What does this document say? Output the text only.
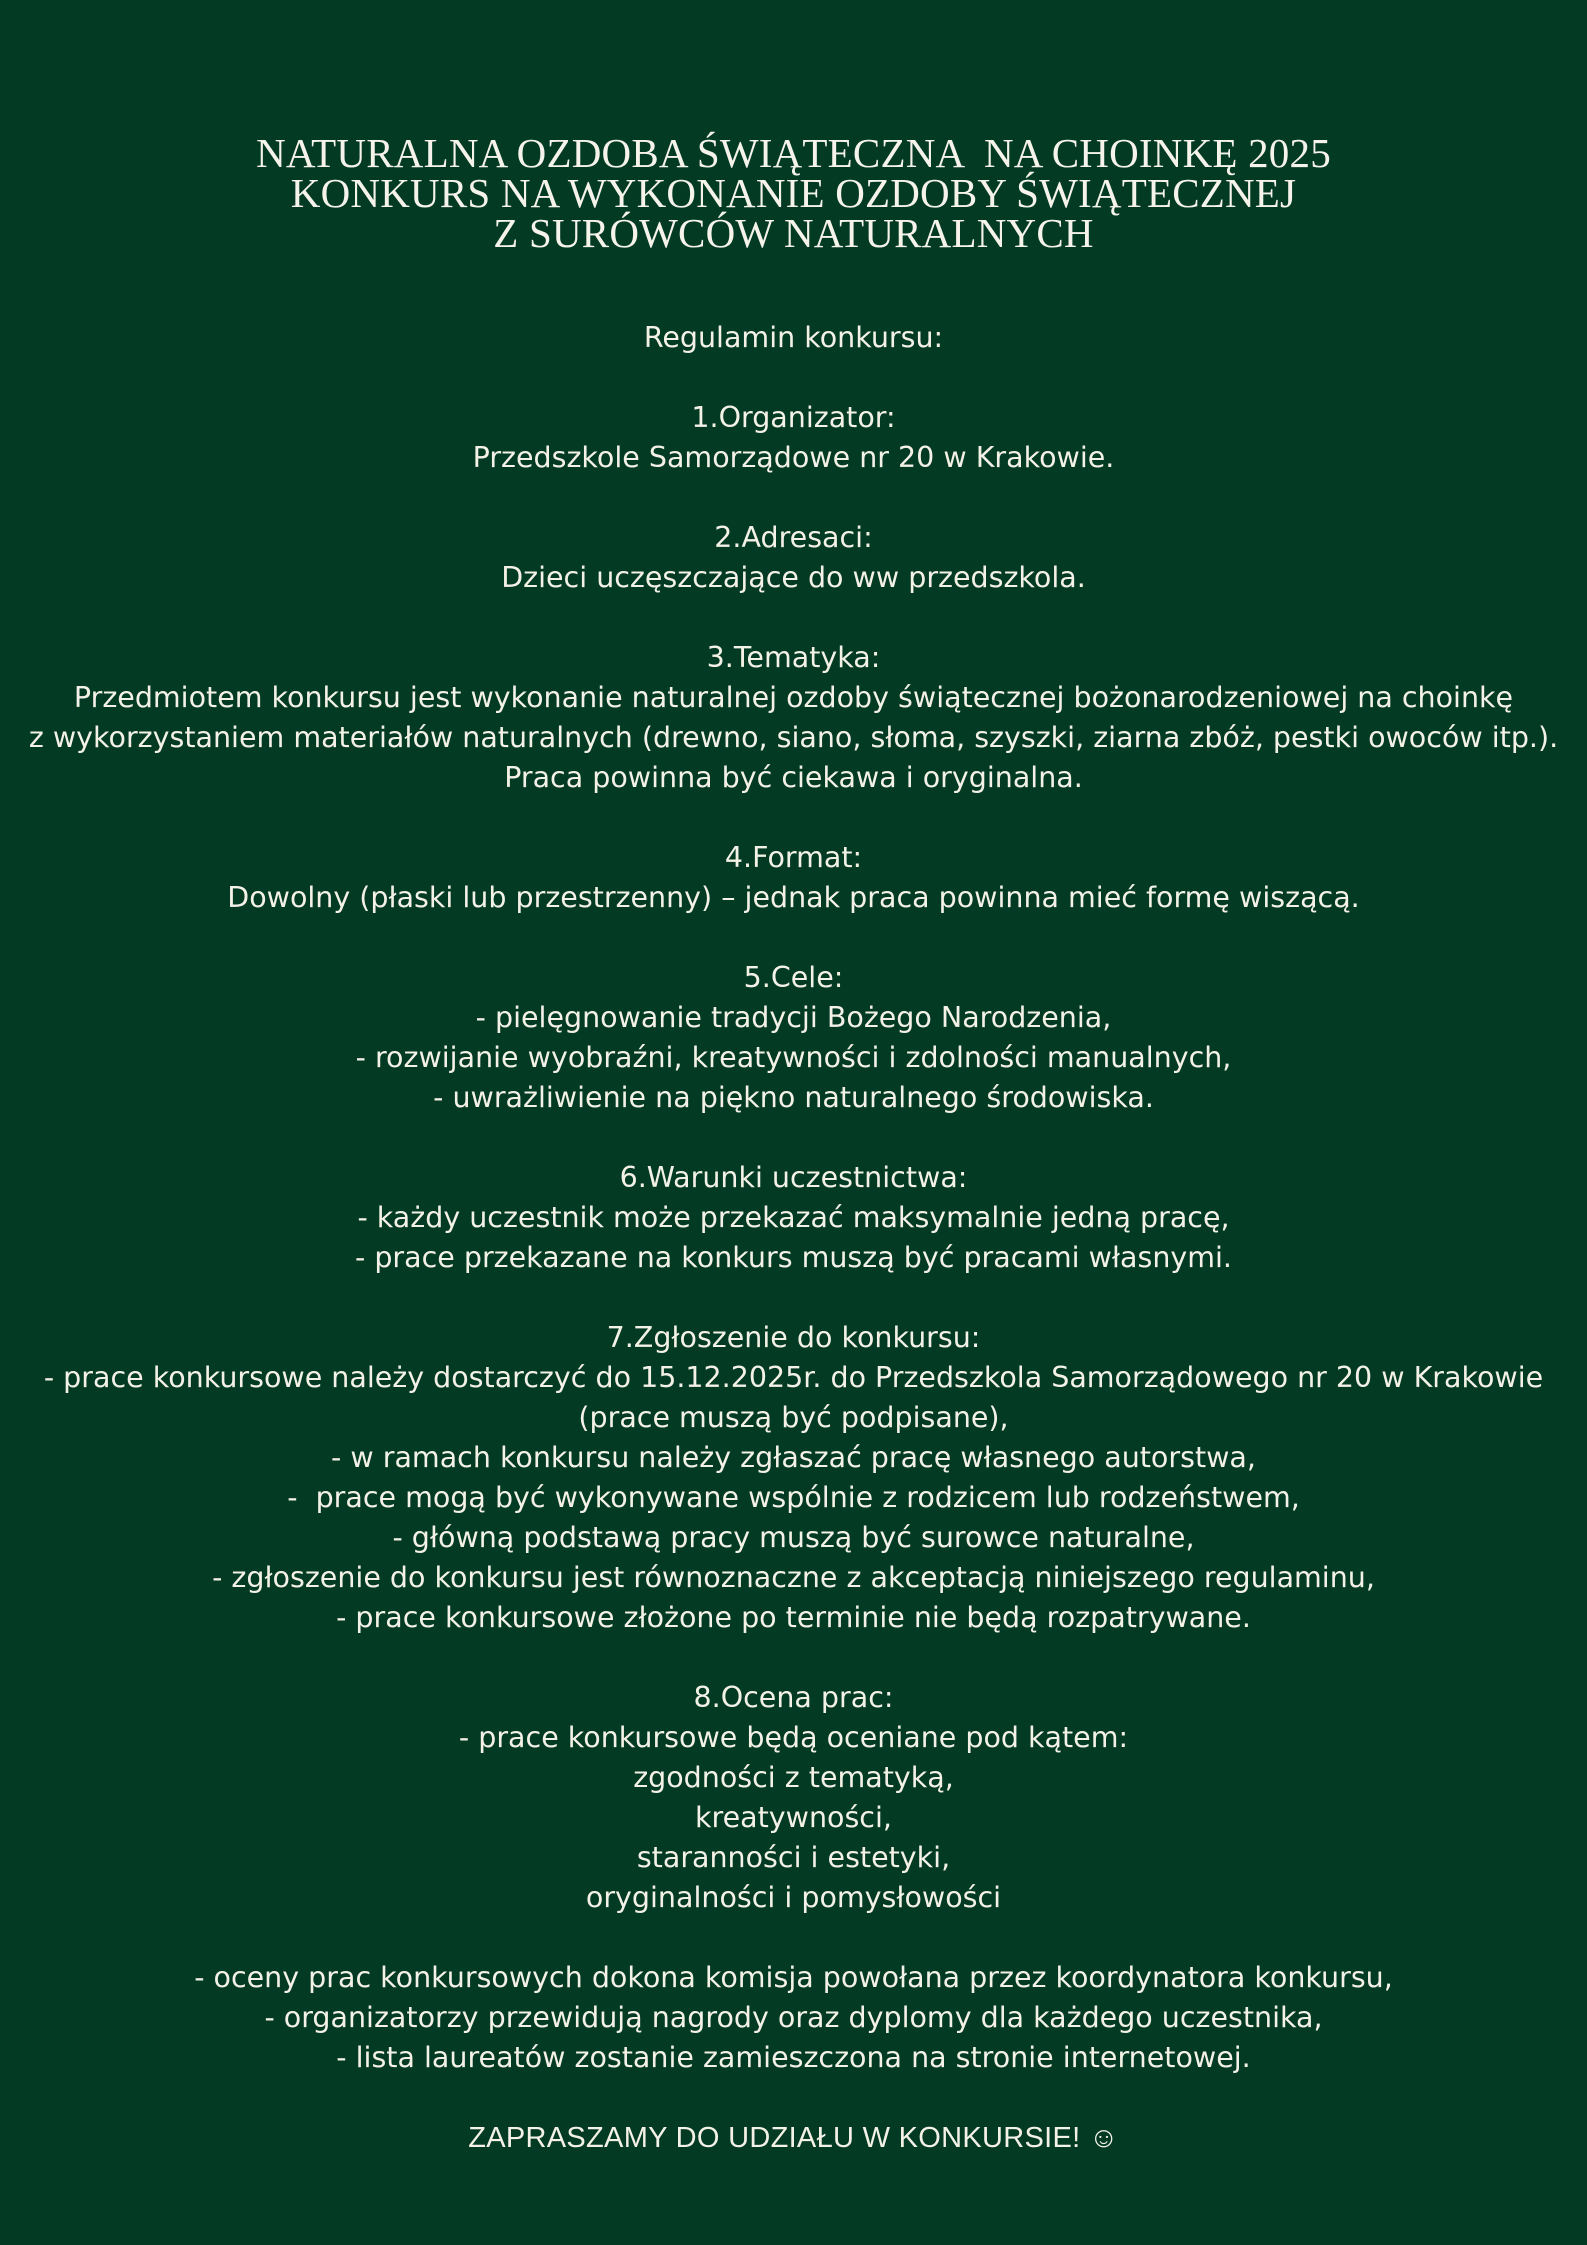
NATURALNA OZDOBA ŚWIĄTECZNA  NA CHOINKĘ 2025
KONKURS NA WYKONANIE OZDOBY ŚWIĄTECZNEJ
Z SURÓWCÓW NATURALNYCH
Regulamin konkursu:
1.Organizator:
Przedszkole Samorządowe nr 20 w Krakowie.
2.Adresaci:
Dzieci uczęszczające do ww przedszkola.
3.Tematyka:
Przedmiotem konkursu jest wykonanie naturalnej ozdoby świątecznej bożonarodzeniowej na choinkę
z wykorzystaniem materiałów naturalnych (drewno, siano, słoma, szyszki, ziarna zbóż, pestki owoców itp.).
Praca powinna być ciekawa i oryginalna.
4.Format:
Dowolny (płaski lub przestrzenny) – jednak praca powinna mieć formę wiszącą.
5.Cele:
- pielęgnowanie tradycji Bożego Narodzenia,
- rozwijanie wyobraźni, kreatywności i zdolności manualnych,
- uwrażliwienie na piękno naturalnego środowiska.
6.Warunki uczestnictwa:
- każdy uczestnik może przekazać maksymalnie jedną pracę,
- prace przekazane na konkurs muszą być pracami własnymi.
7.Zgłoszenie do konkursu:
- prace konkursowe należy dostarczyć do 15.12.2025r. do Przedszkola Samorządowego nr 20 w Krakowie
(prace muszą być podpisane),
- w ramach konkursu należy zgłaszać pracę własnego autorstwa,
-  prace mogą być wykonywane wspólnie z rodzicem lub rodzeństwem,
- główną podstawą pracy muszą być surowce naturalne,
- zgłoszenie do konkursu jest równoznaczne z akceptacją niniejszego regulaminu,
- prace konkursowe złożone po terminie nie będą rozpatrywane.
8.Ocena prac:
- prace konkursowe będą oceniane pod kątem:
zgodności z tematyką,
kreatywności,
staranności i estetyki,
oryginalności i pomysłowości
- oceny prac konkursowych dokona komisja powołana przez koordynatora konkursu,
- organizatorzy przewidują nagrody oraz dyplomy dla każdego uczestnika,
- lista laureatów zostanie zamieszczona na stronie internetowej.
ZAPRASZAMY DO UDZIAŁU W KONKURSIE! ☺
